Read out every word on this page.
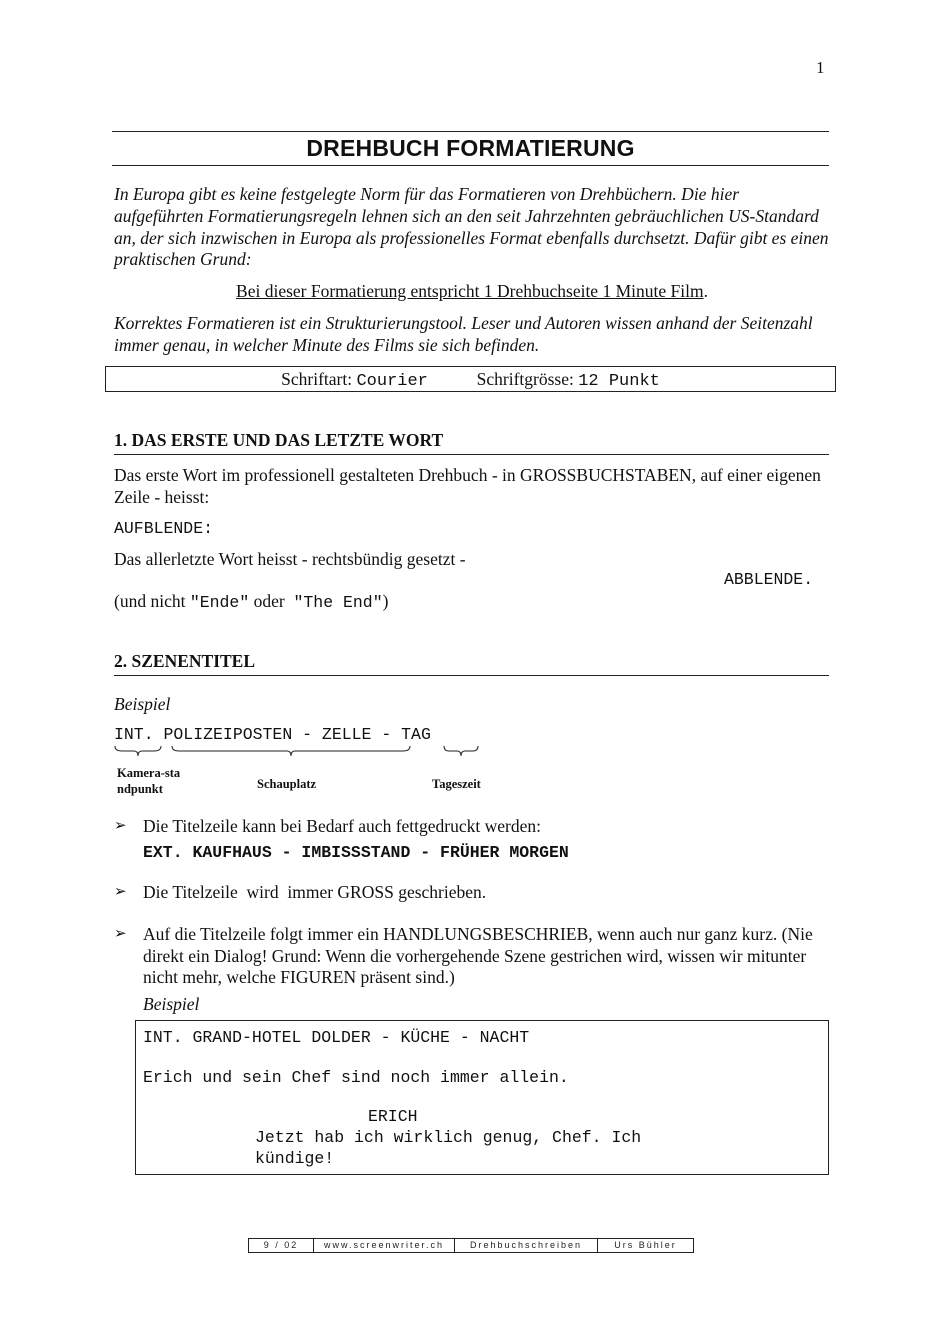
1
DREHBUCH FORMATIERUNG
In Europa gibt es keine festgelegte Norm für das Formatieren von Drehbüchern. Die hier aufgeführten Formatierungsregeln lehnen sich an den seit Jahrzehnten gebräuchlichen US-Standard an, der sich inzwischen in Europa als professionelles Format ebenfalls durchsetzt. Dafür gibt es einen praktischen Grund:
Bei dieser Formatierung entspricht 1 Drehbuchseite 1 Minute Film.
Korrektes Formatieren ist ein Strukturierungstool. Leser und Autoren wissen anhand der Seitenzahl immer genau, in welcher Minute des Films sie sich befinden.
Schriftart: Courier	Schriftgrösse: 12 Punkt
1. DAS ERSTE UND DAS LETZTE WORT
Das erste Wort im professionell gestalteten Drehbuch - in GROSSBUCHSTABEN, auf einer eigenen Zeile - heisst:
AUFBLENDE:
Das allerletzte Wort heisst - rechtsbündig gesetzt -
ABBLENDE.
(und nicht "Ende" oder  "The End")
2. SZENENTITEL
Beispiel
INT. POLIZEIPOSTEN - ZELLE - TAG
Kamera-sta ndpunkt	Schauplatz	Tageszeit
➢ Die Titelzeile kann bei Bedarf auch fettgedruckt werden:
EXT. KAUFHAUS - IMBISSSTAND - FRÜHER MORGEN
➢ Die Titelzeile  wird  immer GROSS geschrieben.
➢ Auf die Titelzeile folgt immer ein HANDLUNGSBESCHRIEB, wenn auch nur ganz kurz. (Nie direkt ein Dialog! Grund: Wenn die vorhergehende Szene gestrichen wird, wissen wir mitunter nicht mehr, welche FIGUREN präsent sind.)
Beispiel
INT. GRAND-HOTEL DOLDER - KÜCHE - NACHT
Erich und sein Chef sind noch immer allein.
ERICH
Jetzt hab ich wirklich genug, Chef. Ich
kündige!
9 / 02	www.screenwriter.ch	Drehbuchschreiben	Urs Bühler
